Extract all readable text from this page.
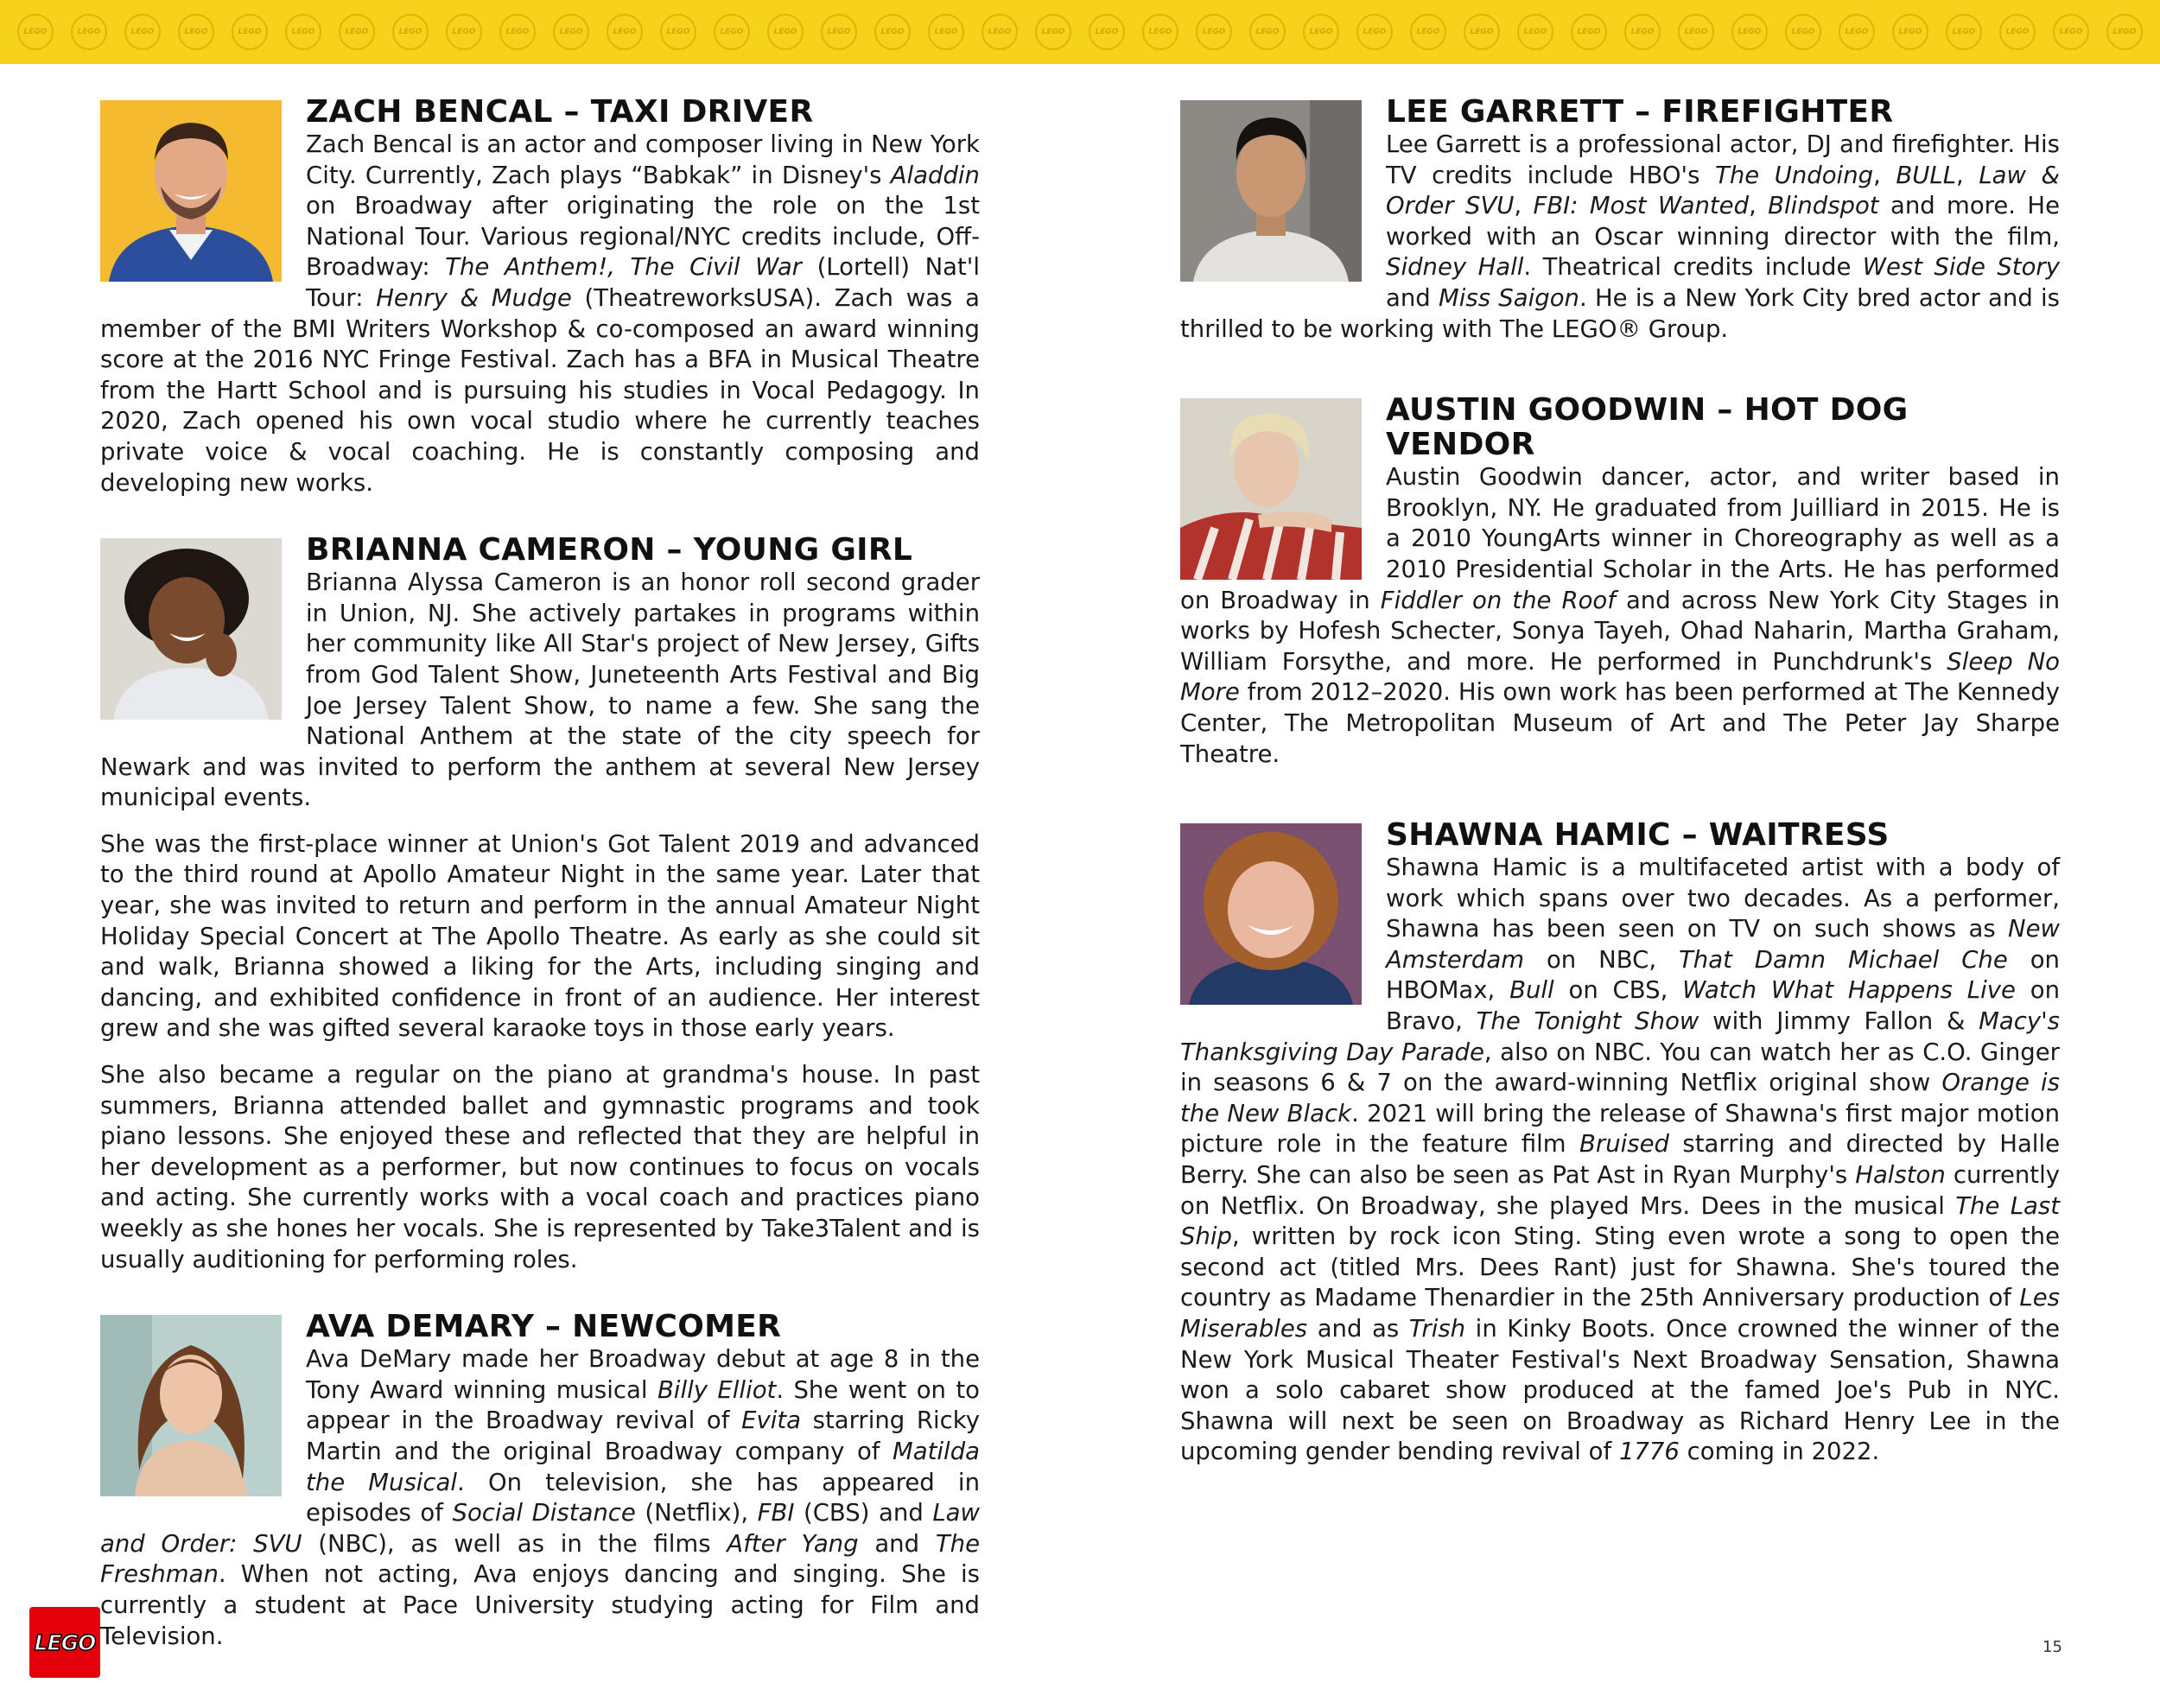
LEGO	LEGO	LEGO	LEGO	LEGO	LEGO	LEGO	LEGO	LEGO	LEGO	LEGO	LEGO	LEGO	LEGO	LEGO	LEGO	LEGO	LEGO	LEGO	LEGO	LEGO	LEGO	LEGO	LEGO	LEGO	LEGO	LEGO	LEGO	LEGO	LEGO	LEGO	LEGO	LEGO	LEGO	LEGO	LEGO	LEGO	LEGO	LEGO	LEGO
ZACH BENCAL – TAXI DRIVER

Zach Bencal is an actor and composer living in New York City. Currently, Zach plays “Babkak” in Disney's Aladdin on Broadway after originating the role on the 1st National Tour. Various regional/NYC credits include, Off-Broadway: The Anthem!, The Civil War (Lortell) Nat'l Tour: Henry & Mudge (TheatreworksUSA). Zach was a member of the BMI Writers Workshop & co-composed an award winning score at the 2016 NYC Fringe Festival. Zach has a BFA in Musical Theatre from the Hartt School and is pursuing his studies in Vocal Pedagogy. In 2020, Zach opened his own vocal studio where he currently teaches private voice & vocal coaching. He is constantly composing and developing new works.

BRIANNA CAMERON – YOUNG GIRL

Brianna Alyssa Cameron is an honor roll second grader in Union, NJ. She actively partakes in programs within her community like All Star's project of New Jersey, Gifts from God Talent Show, Juneteenth Arts Festival and Big Joe Jersey Talent Show, to name a few. She sang the National Anthem at the state of the city speech for Newark and was invited to perform the anthem at several New Jersey municipal events.

She was the first-place winner at Union's Got Talent 2019 and advanced to the third round at Apollo Amateur Night in the same year. Later that year, she was invited to return and perform in the annual Amateur Night Holiday Special Concert at The Apollo Theatre. As early as she could sit and walk, Brianna showed a liking for the Arts, including singing and dancing, and exhibited confidence in front of an audience. Her interest grew and she was gifted several karaoke toys in those early years.

She also became a regular on the piano at grandma's house. In past summers, Brianna attended ballet and gymnastic programs and took piano lessons. She enjoyed these and reflected that they are helpful in her development as a performer, but now continues to focus on vocals and acting. She currently works with a vocal coach and practices piano weekly as she hones her vocals. She is represented by Take3Talent and is usually auditioning for performing roles.

AVA DEMARY – NEWCOMER

Ava DeMary made her Broadway debut at age 8 in the Tony Award winning musical Billy Elliot. She went on to appear in the Broadway revival of Evita starring Ricky Martin and the original Broadway company of Matilda the Musical. On television, she has appeared in episodes of Social Distance (Netflix), FBI (CBS) and Law and Order: SVU (NBC), as well as in the films After Yang and The Freshman. When not acting, Ava enjoys dancing and singing. She is currently a student at Pace University studying acting for Film and Television.

LEE GARRETT – FIREFIGHTER

Lee Garrett is a professional actor, DJ and firefighter. His TV credits include HBO's The Undoing, BULL, Law & Order SVU, FBI: Most Wanted, Blindspot and more. He worked with an Oscar winning director with the film, Sidney Hall. Theatrical credits include West Side Story and Miss Saigon. He is a New York City bred actor and is thrilled to be working with The LEGO® Group.

AUSTIN GOODWIN – HOT DOG VENDOR

Austin Goodwin dancer, actor, and writer based in Brooklyn, NY. He graduated from Juilliard in 2015. He is a 2010 YoungArts winner in Choreography as well as a 2010 Presidential Scholar in the Arts. He has performed on Broadway in Fiddler on the Roof and across New York City Stages in works by Hofesh Schecter, Sonya Tayeh, Ohad Naharin, Martha Graham, William Forsythe, and more. He performed in Punchdrunk's Sleep No More from 2012–2020. His own work has been performed at The Kennedy Center, The Metropolitan Museum of Art and The Peter Jay Sharpe Theatre.

SHAWNA HAMIC – WAITRESS

Shawna Hamic is a multifaceted artist with a body of work which spans over two decades. As a performer, Shawna has been seen on TV on such shows as New Amsterdam on NBC, That Damn Michael Che on HBOMax, Bull on CBS, Watch What Happens Live on Bravo, The Tonight Show with Jimmy Fallon & Macy's Thanksgiving Day Parade, also on NBC. You can watch her as C.O. Ginger in seasons 6 & 7 on the award-winning Netflix original show Orange is the New Black. 2021 will bring the release of Shawna's first major motion picture role in the feature film Bruised starring and directed by Halle Berry. She can also be seen as Pat Ast in Ryan Murphy's Halston currently on Netflix. On Broadway, she played Mrs. Dees in the musical The Last Ship, written by rock icon Sting. Sting even wrote a song to open the second act (titled Mrs. Dees Rant) just for Shawna. She's toured the country as Madame Thenardier in the 25th Anniversary production of Les Miserables and as Trish in Kinky Boots. Once crowned the winner of the New York Musical Theater Festival's Next Broadway Sensation, Shawna won a solo cabaret show produced at the famed Joe's Pub in NYC. Shawna will next be seen on Broadway as Richard Henry Lee in the upcoming gender bending revival of 1776 coming in 2022.

LEGO	15
